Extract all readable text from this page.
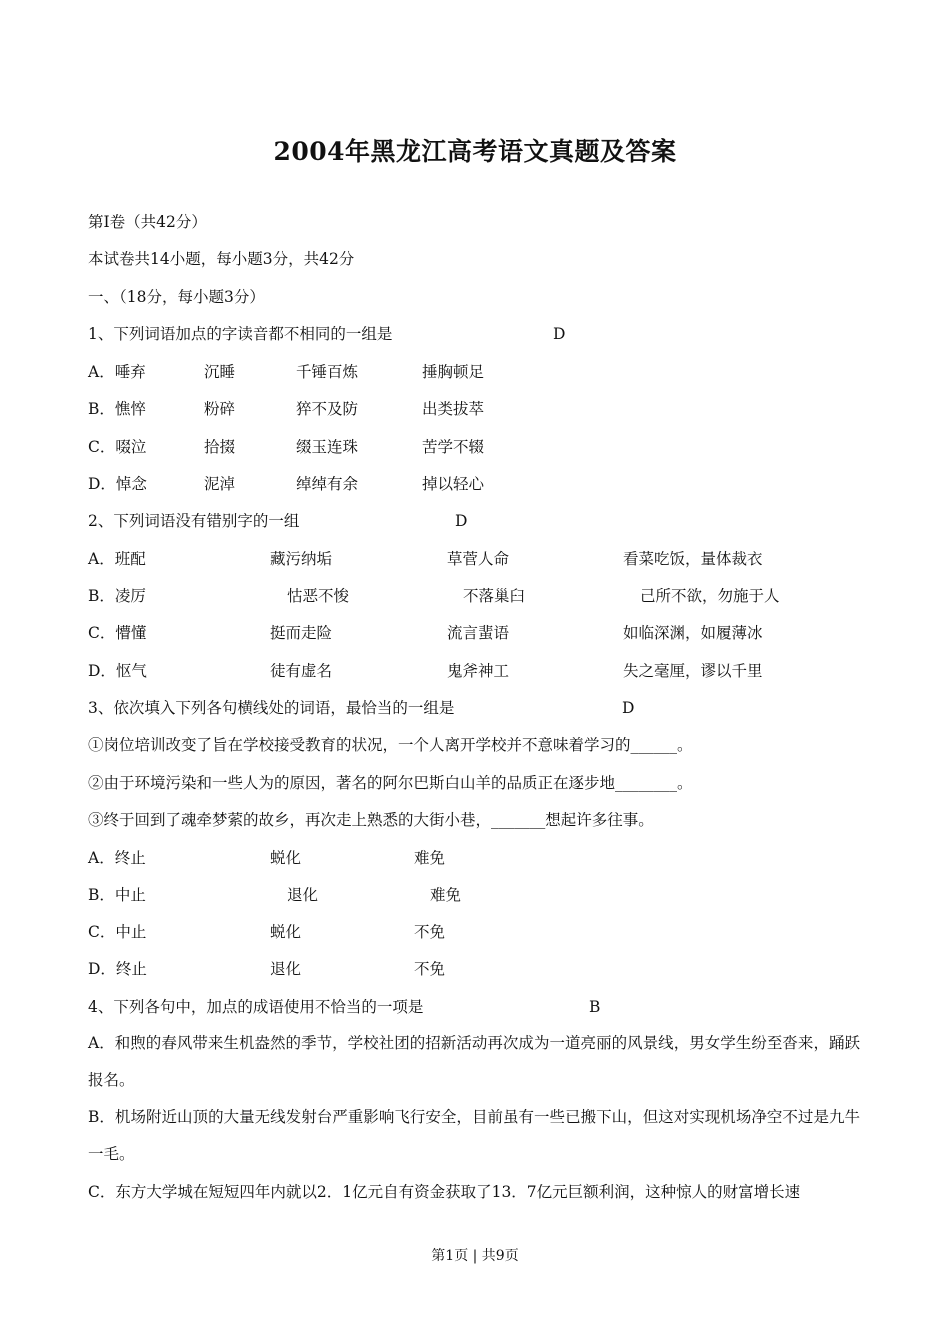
2004年黑龙江高考语文真题及答案
第Ⅰ卷（共42分）
本试卷共14小题，每小题3分，共42分
一、（18分，每小题3分）
1、下列词语加点的字读音都不相同的一组是	D
A．唾弃	沉睡	千锤百炼	捶胸顿足
B．憔悴	粉碎	猝不及防	出类拔萃
C．啜泣	拾掇	缀玉连珠	苦学不辍
D．悼念	泥淖	绰绰有余	掉以轻心
2、下列词语没有错别字的一组	D
A．班配	藏污纳垢	草菅人命	看菜吃饭，量体裁衣
B．凌厉	怙恶不悛	不落巢臼	己所不欲，勿施于人
C．懵懂	挺而走险	流言蜚语	如临深渊，如履薄冰
D．怄气	徒有虚名	鬼斧神工	失之毫厘，谬以千里
3、依次填入下列各句横线处的词语，最恰当的一组是	D
①岗位培训改变了旨在学校接受教育的状况，一个人离开学校并不意味着学习的______。
②由于环境污染和一些人为的原因，著名的阿尔巴斯白山羊的品质正在逐步地________。
③终于回到了魂牵梦萦的故乡，再次走上熟悉的大街小巷，_______想起许多往事。
A．终止	蜕化	难免
B．中止	退化	难免
C．中止	蜕化	不免
D．终止	退化	不免
4、下列各句中，加点的成语使用不恰当的一项是	B
A．和煦的春风带来生机盎然的季节，学校社团的招新活动再次成为一道亮丽的风景线，男女学生纷至沓来，踊跃报名。
B．机场附近山顶的大量无线发射台严重影响飞行安全，目前虽有一些已搬下山，但这对实现机场净空不过是九牛一毛。
C．东方大学城在短短四年内就以2．1亿元自有资金获取了13．7亿元巨额利润，这种惊人的财富增长速
第1页 | 共9页
